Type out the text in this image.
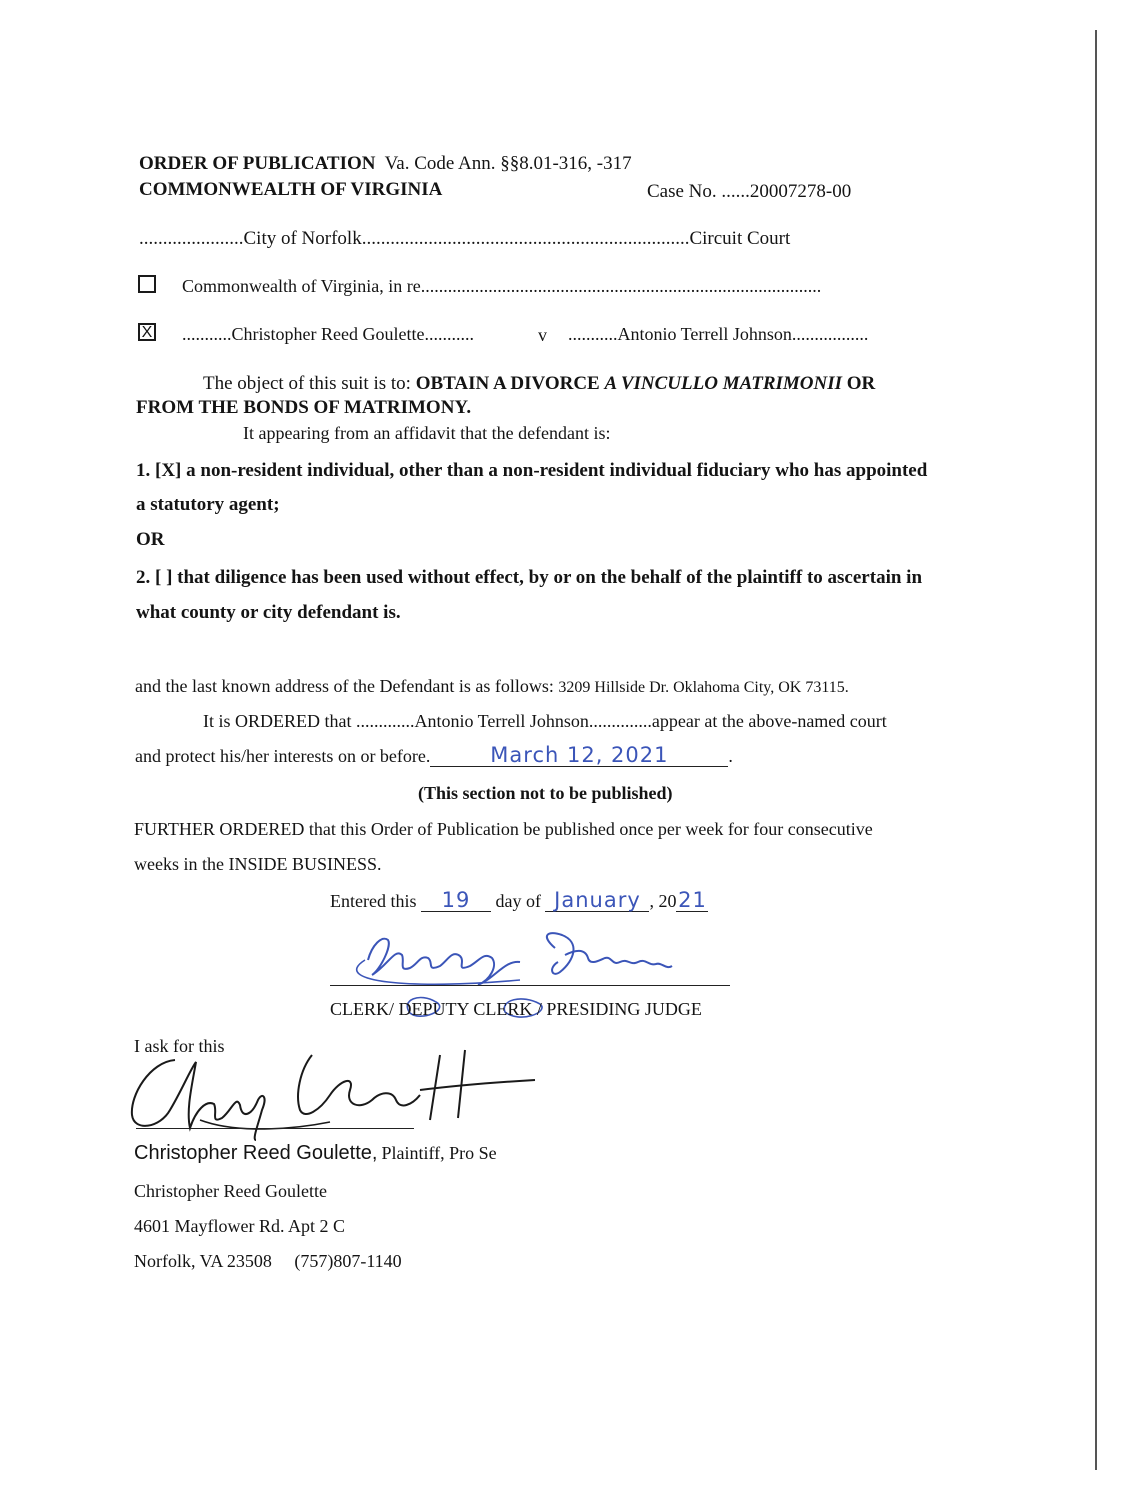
ORDER OF PUBLICATION Va. Code Ann. §§8.01-316, -317
COMMONWEALTH OF VIRGINIA	Case No. ......20007278-00
......................City of Norfolk.....................................................................Circuit Court
Commonwealth of Virginia, in re.........................................................................................
X ...........Christopher Reed Goulette...........	v ...........Antonio Terrell Johnson.................
The object of this suit is to: OBTAIN A DIVORCE A VINCULLO MATRIMONII OR
FROM THE BONDS OF MATRIMONY.
It appearing from an affidavit that the defendant is:
1. [X] a non-resident individual, other than a non-resident individual fiduciary who has appointed
a statutory agent;
OR
2. [ ] that diligence has been used without effect, by or on the behalf of the plaintiff to ascertain in
what county or city defendant is.
and the last known address of the Defendant is as follows: 3209 Hillside Dr. Oklahoma City, OK 73115.
It is ORDERED that .............Antonio Terrell Johnson..............appear at the above-named court
and protect his/her interests on or before.	March 12, 2021	.
(This section not to be published)
FURTHER ORDERED that this Order of Publication be published once per week for four consecutive
weeks in the INSIDE BUSINESS.
Entered this 19 day of January , 2021
CLERK/ DEPUTY CLERK / PRESIDING JUDGE
I ask for this
Christopher Reed Goulette, Plaintiff, Pro Se
Christopher Reed Goulette
4601 Mayflower Rd. Apt 2 C
Norfolk, VA 23508 (757)807-1140
